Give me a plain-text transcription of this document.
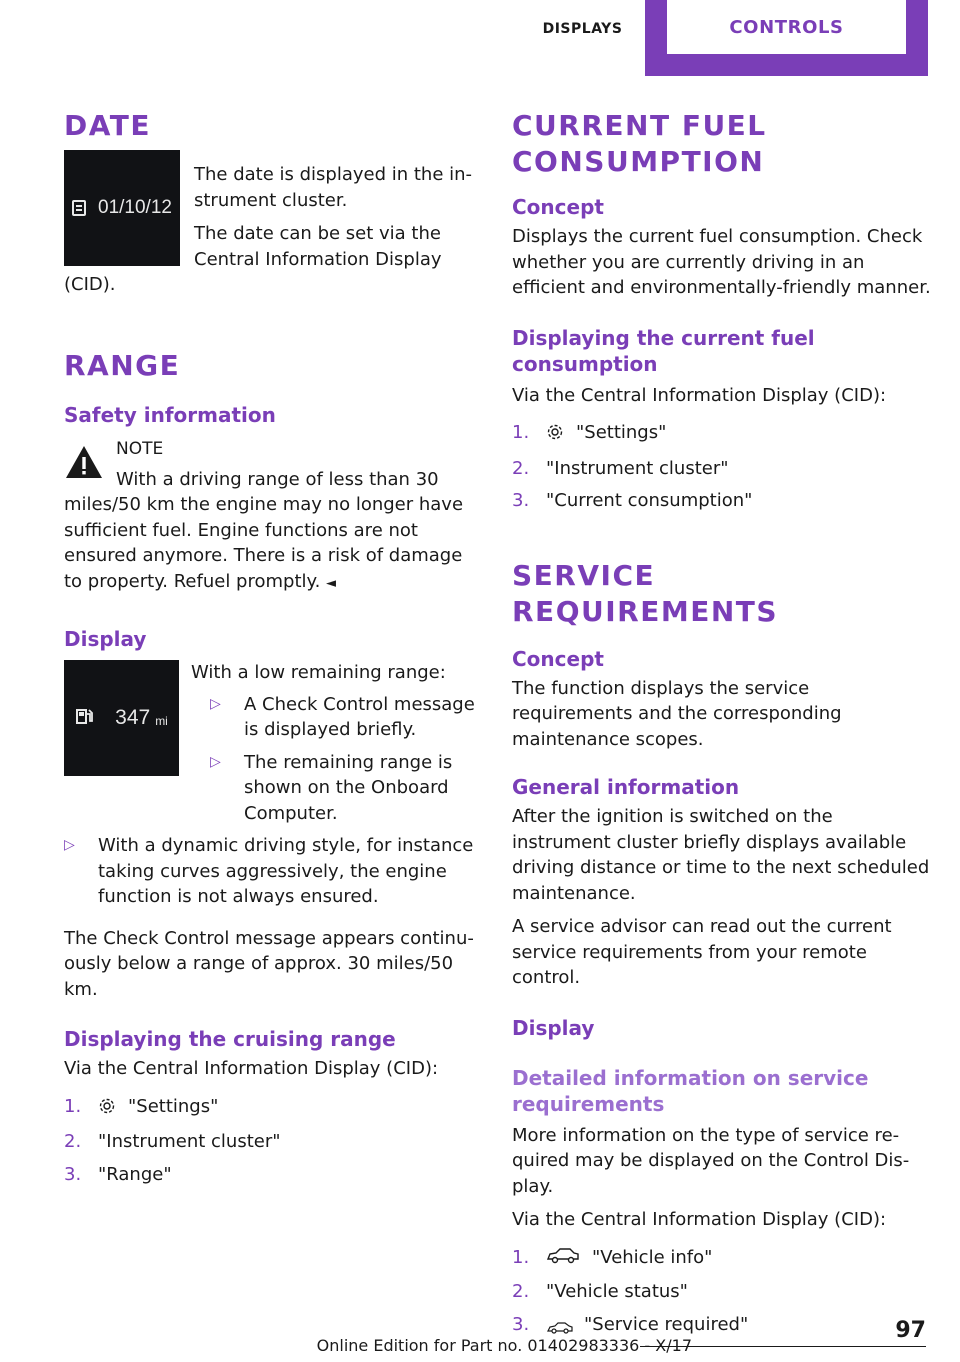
DISPLAYS	CONTROLS
DATE
01/10/12

The date is displayed in the instrument cluster.

The date can be set via the Central Information Display (CID).

RANGE
Safety information
NOTE

With a driving range of less than 30 miles/50 km the engine may no longer have sufficient fuel. Engine functions are not ensured anymore. There is a risk of damage to property. Refuel promptly. ◄

Display
347 mi

With a low remaining range:

▷	A Check Control message is displayed briefly.
▷	The remaining range is shown on the Onboard Computer.
▷	With a dynamic driving style, for instance taking curves aggressively, the engine function is not always ensured.

The Check Control message appears continuously below a range of approx. 30 miles/50 km.

Displaying the cruising range

Via the Central Information Display (CID):

1.	"Settings"
2. "Instrument cluster"
3. "Range"
CURRENT FUEL CONSUMPTION
Concept

Displays the current fuel consumption. Check whether you are currently driving in an efficient and environmentally-friendly manner.

Displaying the current fuel consumption

Via the Central Information Display (CID):

1.	"Settings"
2. "Instrument cluster"
3. "Current consumption"
SERVICE REQUIREMENTS
Concept

The function displays the service requirements and the corresponding maintenance scopes.

General information

After the ignition is switched on the instrument cluster briefly displays available driving distance or time to the next scheduled maintenance.

A service advisor can read out the current service requirements from your remote control.

Display
Detailed information on service requirements

More information on the type of service required may be displayed on the Control Display.

Via the Central Information Display (CID):

1.	"Vehicle info"
2. "Vehicle status"
3.	"Service required"
Online Edition for Part no. 01402983336 - X/17
97
